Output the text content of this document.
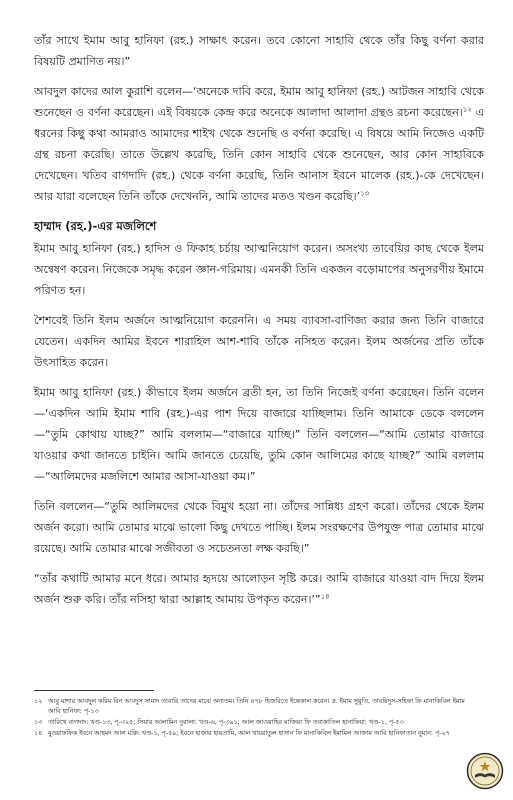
তাঁর সাথে ইমাম আবু হানিফা (রহ.) সাক্ষাৎ করেন। তবে কোনো সাহাবি থেকে তাঁর কিছু বর্ণনা করার বিষয়টি প্রমাণিত নয়।”

আবদুল কাদের আল কুরাশি বলেন—‘অনেকে দাবি করে, ইমাম আবু হানিফা (রহ.) আটজন সাহাবি থেকে শুনেছেন ও বর্ণনা করেছেন। এই বিষয়কে কেন্দ্র করে অনেকে আলাদা আলাদা গ্রন্থও রচনা করেছেন।$^{১২}$ এ ধরনের কিছু কথা আমরাও আমাদের শাইখ থেকে শুনেছি ও বর্ণনা করেছি। এ বিষয়ে আমি নিজেও একটি গ্রন্থ রচনা করেছি। তাতে উল্লেখ করেছি, তিনি কোন সাহাবি থেকে শুনেছেন, আর কোন সাহাবিকে দেখেছেন। খতিব বাগদাদি (রহ.) থেকে বর্ণনা করেছি, তিনি আনাস ইবনে মালেক (রহ.)-কে দেখেছেন। আর যারা বলেছেন তিনি তাঁকে দেখেননি, আমি তাদের মতও খণ্ডন করেছি।’$^{১৩}$

হাম্মাদ (রহ.)-এর মজলিশে

ইমাম আবু হানিফা (রহ.) হাদিস ও ফিকাহ চর্চায় আত্মনিয়োগ করেন। অসংখ্য তাবেয়ির কাছ থেকে ইলম অন্বেষণ করেন। নিজেকে সমৃদ্ধ করেন জ্ঞান-গরিমায়। এমনকী তিনি একজন বড়োমাপের অনুসরণীয় ইমামে পরিণত হন।

শৈশবেই তিনি ইলম অর্জনে আত্মনিয়োগ করেননি। এ সময় ব্যাবসা-বাণিজ্য করার জন্য তিনি বাজারে যেতেন। একদিন আমির ইবনে শারাহিল আশ-শাবি তাঁকে নসিহত করেন। ইলম অর্জনের প্রতি তাঁকে উৎসাহিত করেন।

ইমাম আবু হানিফা (রহ.) কীভাবে ইলম অর্জনে ব্রতী হন, তা তিনি নিজেই বর্ণনা করেছেন। তিনি বলেন—‘একদিন আমি ইমাম শাবি (রহ.)-এর পাশ দিয়ে বাজারে যাচ্ছিলাম। তিনি আমাকে ডেকে বললেন—“তুমি কোথায় যাচ্ছ?” আমি বললাম—“বাজারে যাচ্ছি।” তিনি বললেন—“আমি তোমার বাজারে যাওয়ার কথা জানতে চাইনি। আমি জানতে চেয়েছি, তুমি কোন আলিমের কাছে যাচ্ছ?” আমি বললাম—“আলিমদের মজলিশে আমার আসা-যাওয়া কম।”

তিনি বললেন—“তুমি আলিমদের থেকে বিমুখ হয়ো না। তাঁদের সান্নিধ্য গ্রহণ করো। তাঁদের থেকে ইলম অর্জন করো। আমি তোমার মাঝে ভালো কিছু দেখতে পাচ্ছি। ইলম সংরক্ষণের উপযুক্ত পাত্র তোমার মাঝে রয়েছে। আমি তোমার মাঝে সজীবতা ও সচেতনতা লক্ষ করছি।”

“তাঁর কথাটি আমার মনে ধরে। আমার হৃদয়ে আলোড়ন সৃষ্টি করে। আমি বাজারে যাওয়া বাদ দিয়ে ইলম অর্জন শুরু করি। তাঁর নসিহা দ্বারা আল্লাহ আমায় উপকৃত করেন।’”$^{১৪}$

১২ আবু মাশার আবদুল করিম বিন আবদুস সামাদ তাবারি তাদের মাঝে অন্যতম। তিনি ৪৭৮ হিজরিতে ইন্তেকাল করেন। দ্র. ইমাম সুয়ুতি, তাবয়িদুস-সহিফা ফি মানাকিবিল ইমাম আবি হানিফা: পৃ-১৩
১৩ তারিখে বাগদাদ: খণ্ড-১৩, পৃ-৩২৫; সিয়ার আলামিন নুবালা: খণ্ড-৬, পৃ-৩৯১; আল জাওয়াহির মাজিয়া ফি তবাকাতিল হানাফিয়া: খণ্ড-১, পৃ-৫৩
১৪ মুওয়াফফিক ইবনে আহমদ আল মক্কি: খণ্ড-১, পৃ-৫৯; ইবনে হাজার হায়তামি, আল খায়রাতুল হাসান ফি মানাকিবিল ইমামিল আজাম আবি হানিফাতান নুমান: পৃ-২৭
